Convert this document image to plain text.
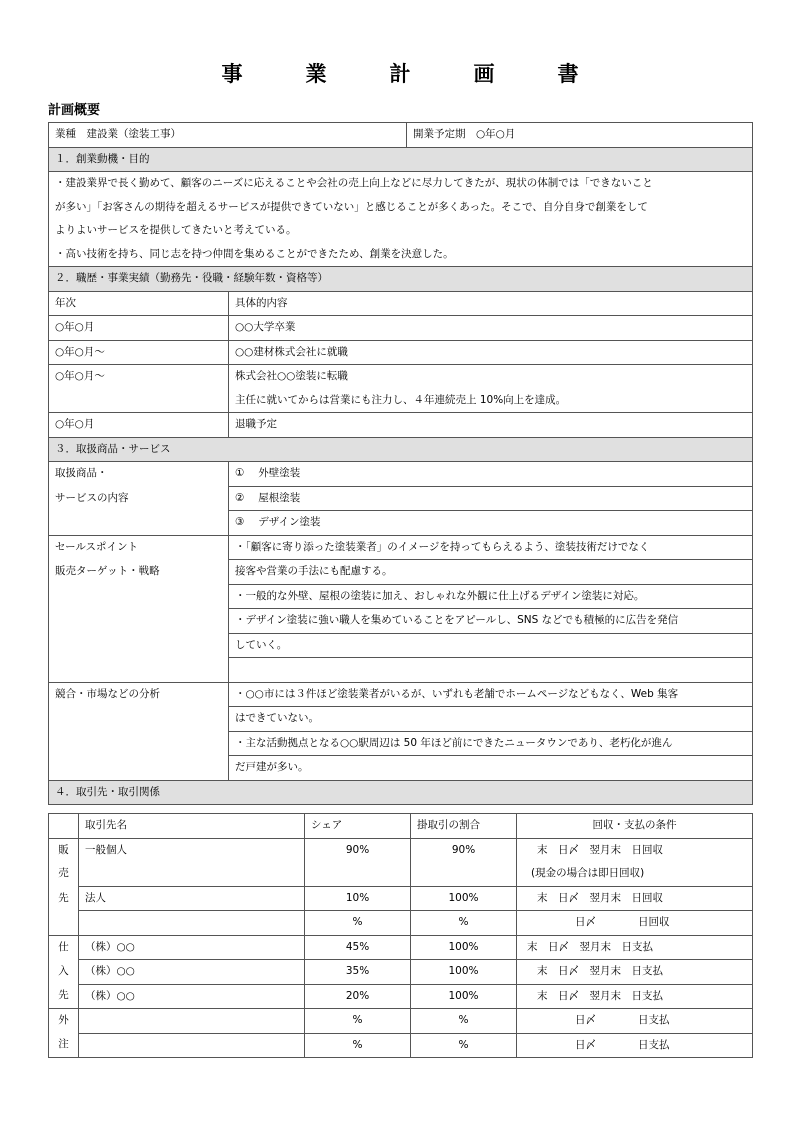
事　業　計　画　書
計画概要
業種　建設業（塗装工事）		開業予定期　○年○月
１．創業動機・目的		
・建設業界で長く勤めて、顧客のニーズに応えることや会社の売上向上などに尽力してきたが、現状の体制では「できないこと		
が多い」「お客さんの期待を超えるサービスが提供できていない」と感じることが多くあった。そこで、自分自身で創業をして		
よりよいサービスを提供してきたいと考えている。		
・高い技術を持ち、同じ志を持つ仲間を集めることができたため、創業を決意した。		
２．職歴・事業実績（勤務先・役職・経験年数・資格等）		
年次	具体的内容	
○年○月	○○大学卒業	
○年○月～	○○建材株式会社に就職	
○年○月～	株式会社○○塗装に転職	
	主任に就いてからは営業にも注力し、４年連続売上 10%向上を達成。	
○年○月	退職予定	
３．取扱商品・サービス		
取扱商品・	①　 外壁塗装	
サービスの内容	②　 屋根塗装	
	③　 デザイン塗装	
セールスポイント	・「顧客に寄り添った塗装業者」のイメージを持ってもらえるよう、塗装技術だけでなく	
販売ターゲット・戦略	接客や営業の手法にも配慮する。	
	・一般的な外壁、屋根の塗装に加え、おしゃれな外観に仕上げるデザイン塗装に対応。	
	・デザイン塗装に強い職人を集めていることをアピールし、SNS などでも積極的に広告を発信	
	していく。	

競合・市場などの分析	・○○市には３件ほど塗装業者がいるが、いずれも老舗でホームページなどもなく、Web 集客	
	はできていない。	
	・主な活動拠点となる○○駅周辺は 50 年ほど前にできたニュータウンであり、老朽化が進ん	
	だ戸建が多い。	
４．取引先・取引関係		
	取引先名	シェア	掛取引の割合	回収・支払の条件
販	一般個人	90%	90%	末　日〆　翌月末　日回収
売				(現金の場合は即日回収)
先	法人	10%	100%	末　日〆　翌月末　日回収
		%	%	日〆　　　　日回収
仕	（株）○○	45%	100%	末　日〆　翌月末　日支払
入	（株）○○	35%	100%	末　日〆　翌月末　日支払
先	（株）○○	20%	100%	末　日〆　翌月末　日支払
外		%	%	日〆　　　　日支払
注		%	%	日〆　　　　日支払
